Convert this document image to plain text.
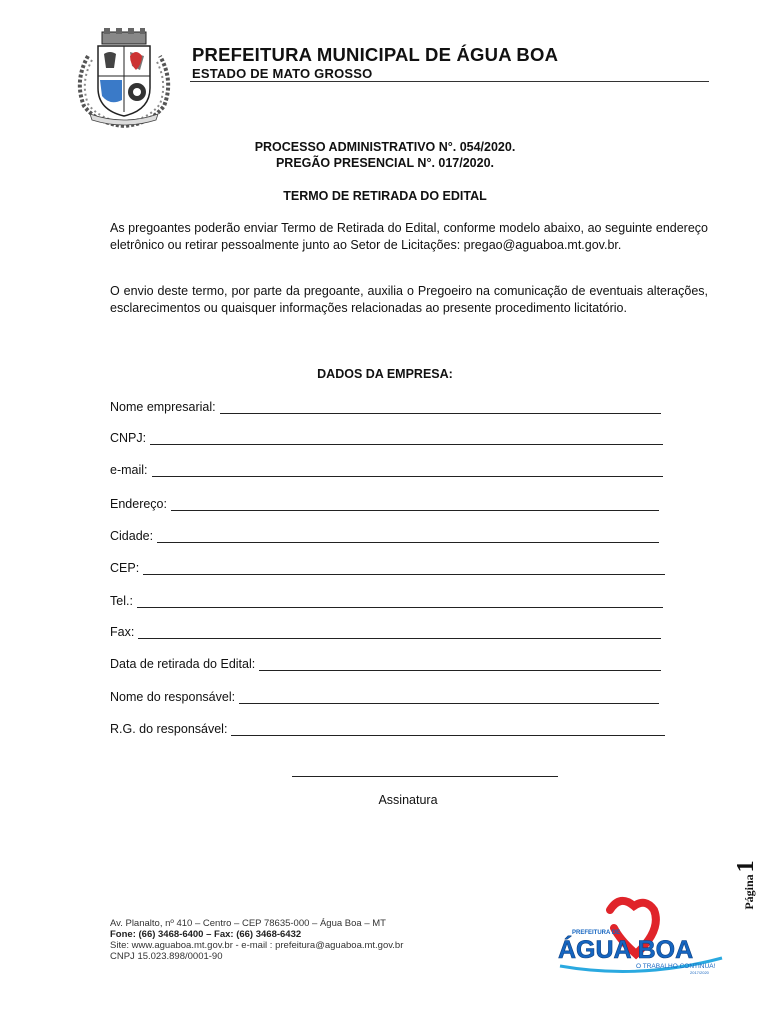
PREFEITURA MUNICIPAL DE ÁGUA BOA
ESTADO DE MATO GROSSO
PROCESSO ADMINISTRATIVO N°. 054/2020.
PREGÃO PRESENCIAL N°. 017/2020.
TERMO DE RETIRADA DO EDITAL
As pregoantes poderão enviar Termo de Retirada do Edital, conforme modelo abaixo, ao seguinte endereço eletrônico ou retirar pessoalmente junto ao Setor de Licitações: pregao@aguaboa.mt.gov.br.
O envio deste termo, por parte da pregoante, auxilia o Pregoeiro na comunicação de eventuais alterações, esclarecimentos ou quaisquer informações relacionadas ao presente procedimento licitatório.
DADOS DA EMPRESA:
Nome empresarial:
CNPJ:
e-mail:
Endereço:
Cidade:
CEP:
Tel.:
Fax:
Data de retirada do Edital:
Nome do responsável:
R.G. do responsável:
Assinatura
Página
1
Av. Planalto, nº 410 – Centro – CEP 78635-000 – Água Boa – MT
Fone: (66) 3468-6400 – Fax: (66) 3468-6432
Site: www.aguaboa.mt.gov.br - e-mail : prefeitura@aguaboa.mt.gov.br
CNPJ 15.023.898/0001-90
PREFEITURA DE
ÁGUA BOA
O TRABALHO CONTINUA!
2017/2020
